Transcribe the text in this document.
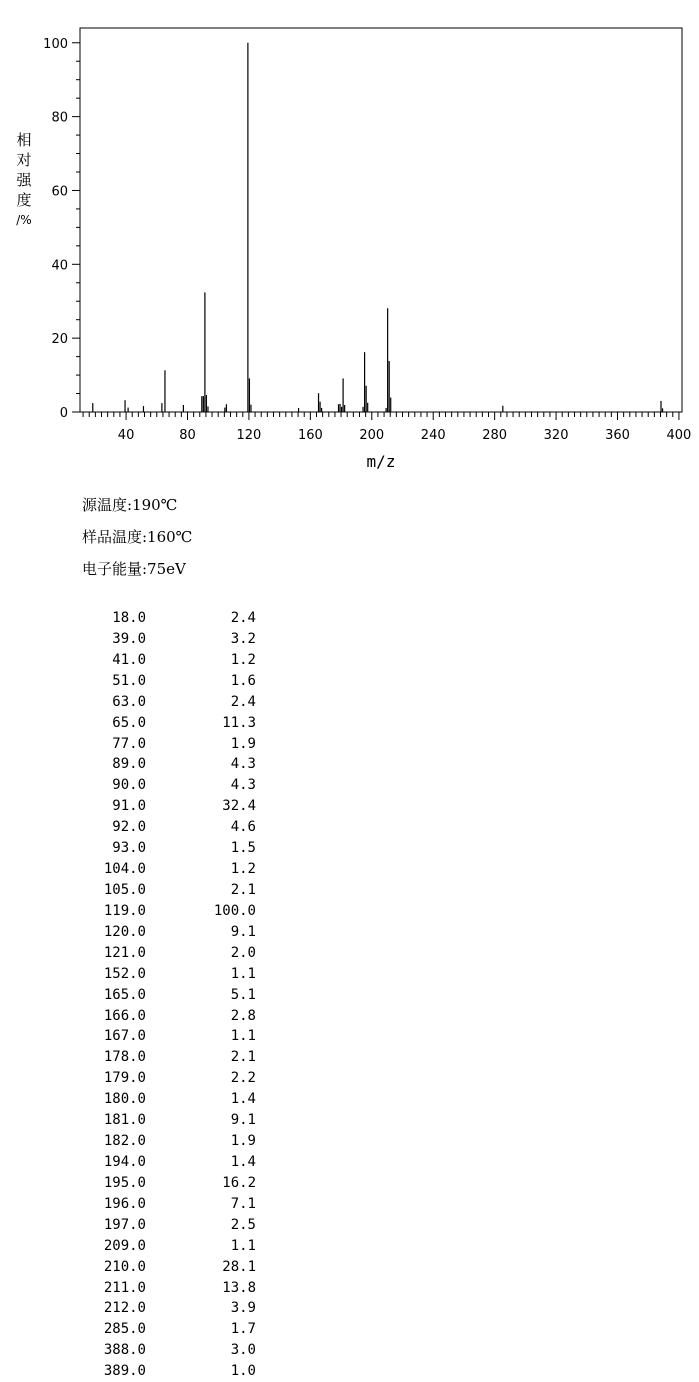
0
20
40
60
80
100
40	80	120	160	200	240	280	320	360	400
m/z
相
对
强
度
/%
源温度:190℃
样品温度:160℃
电子能量:75eV
18.0	2.4
39.0	3.2
41.0	1.2
51.0	1.6
63.0	2.4
65.0	11.3
77.0	1.9
89.0	4.3
90.0	4.3
91.0	32.4
92.0	4.6
93.0	1.5
104.0	1.2
105.0	2.1
119.0	100.0
120.0	9.1
121.0	2.0
152.0	1.1
165.0	5.1
166.0	2.8
167.0	1.1
178.0	2.1
179.0	2.2
180.0	1.4
181.0	9.1
182.0	1.9
194.0	1.4
195.0	16.2
196.0	7.1
197.0	2.5
209.0	1.1
210.0	28.1
211.0	13.8
212.0	3.9
285.0	1.7
388.0	3.0
389.0	1.0
